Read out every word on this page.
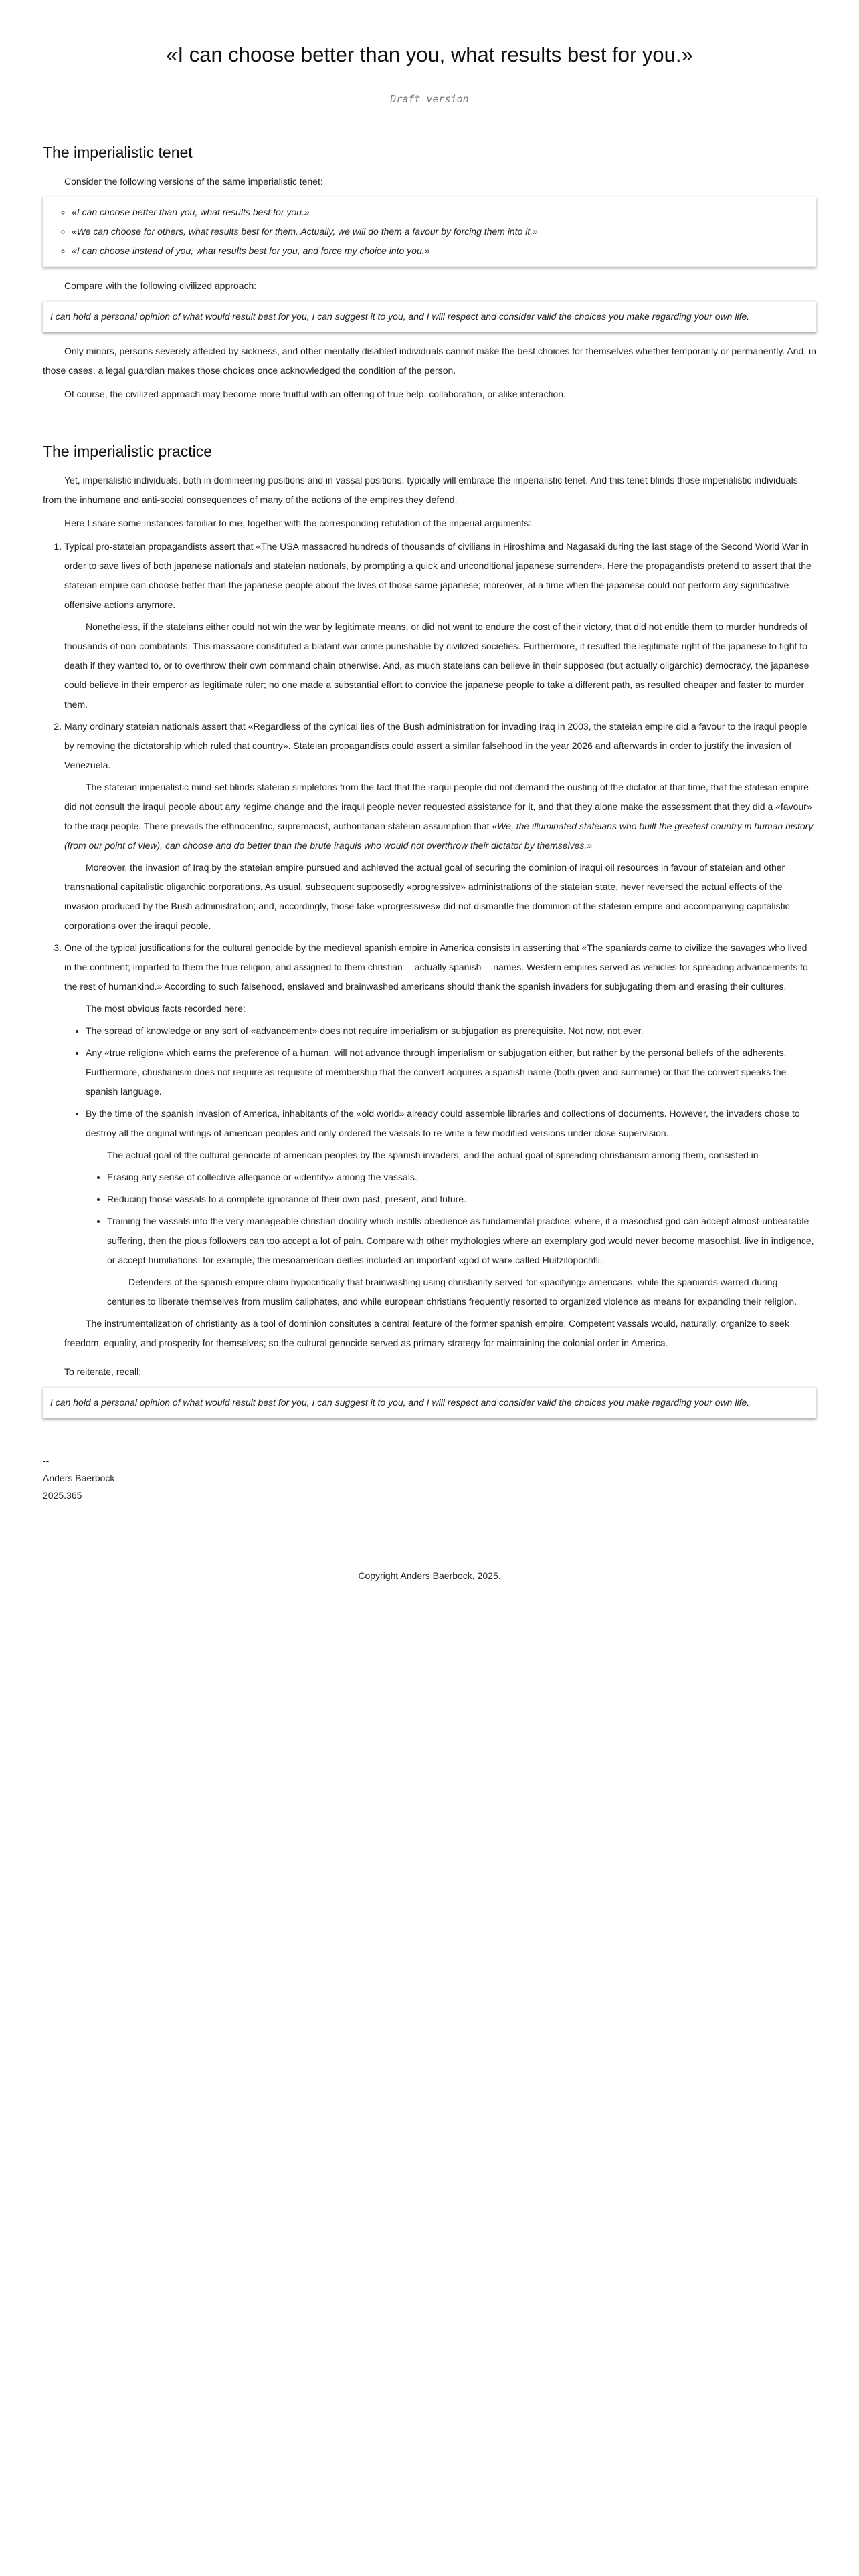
«I can choose better than you, what results best for you.»
Draft version
The imperialistic tenet

Consider the following versions of the same imperialistic tenet:

◦ «I can choose better than you, what results best for you.»
◦ «We can choose for others, what results best for them. Actually, we will do them a favour by forcing them into it.»
◦ «I can choose instead of you, what results best for you, and force my choice into you.»

Compare with the following civilized approach:

I can hold a personal opinion of what would result best for you, I can suggest it to you, and I will respect and consider valid the choices you make regarding your own life.

Only minors, persons severely affected by sickness, and other mentally disabled individuals cannot make the best choices for themselves whether temporarily or permanently. And, in those cases, a legal guardian makes those choices once acknowledged the condition of the person.

Of course, the civilized approach may become more fruitful with an offering of true help, collaboration, or alike interaction.

The imperialistic practice

Yet, imperialistic individuals, both in domineering positions and in vassal positions, typically will embrace the imperialistic tenet. And this tenet blinds those imperialistic individuals from the inhumane and anti-social consequences of many of the actions of the empires they defend.

Here I share some instances familiar to me, together with the corresponding refutation of the imperial arguments:

1. Typical pro-stateian propagandists assert that «The USA massacred hundreds of thousands of civilians in Hiroshima and Nagasaki during the last stage of the Second World War in order to save lives of both japanese nationals and stateian nationals, by prompting a quick and unconditional japanese surrender». Here the propagandists pretend to assert that the stateian empire can choose better than the japanese people about the lives of those same japanese; moreover, at a time when the japanese could not perform any significative offensive actions anymore.

Nonetheless, if the stateians either could not win the war by legitimate means, or did not want to endure the cost of their victory, that did not entitle them to murder hundreds of thousands of non-combatants. This massacre constituted a blatant war crime punishable by civilized societies. Furthermore, it resulted the legitimate right of the japanese to fight to death if they wanted to, or to overthrow their own command chain otherwise. And, as much stateians can believe in their supposed (but actually oligarchic) democracy, the japanese could believe in their emperor as legitimate ruler; no one made a substantial effort to convice the japanese people to take a different path, as resulted cheaper and faster to murder them.

2. Many ordinary stateian nationals assert that «Regardless of the cynical lies of the Bush administration for invading Iraq in 2003, the stateian empire did a favour to the iraqui people by removing the dictatorship which ruled that country». Stateian propagandists could assert a similar falsehood in the year 2026 and afterwards in order to justify the invasion of Venezuela.

The stateian imperialistic mind-set blinds stateian simpletons from the fact that the iraqui people did not demand the ousting of the dictator at that time, that the stateian empire did not consult the iraqui people about any regime change and the iraqui people never requested assistance for it, and that they alone make the assessment that they did a «favour» to the iraqi people. There prevails the ethnocentric, supremacist, authoritarian stateian assumption that «We, the illuminated stateians who built the greatest country in human history (from our point of view), can choose and do better than the brute iraquis who would not overthrow their dictator by themselves.»

Moreover, the invasion of Iraq by the stateian empire pursued and achieved the actual goal of securing the dominion of iraqui oil resources in favour of stateian and other transnational capitalistic oligarchic corporations. As usual, subsequent supposedly «progressive» administrations of the stateian state, never reversed the actual effects of the invasion produced by the Bush administration; and, accordingly, those fake «progressives» did not dismantle the dominion of the stateian empire and accompanying capitalistic corporations over the iraqui people.

3. One of the typical justifications for the cultural genocide by the medieval spanish empire in America consists in asserting that «The spaniards came to civilize the savages who lived in the continent; imparted to them the true religion, and assigned to them christian —actually spanish— names. Western empires served as vehicles for spreading advancements to the rest of humankind.» According to such falsehood, enslaved and brainwashed americans should thank the spanish invaders for subjugating them and erasing their cultures.

The most obvious facts recorded here:

• The spread of knowledge or any sort of «advancement» does not require imperialism or subjugation as prerequisite. Not now, not ever.
• Any «true religion» which earns the preference of a human, will not advance through imperialism or subjugation either, but rather by the personal beliefs of the adherents. Furthermore, christianism does not require as requisite of membership that the convert acquires a spanish name (both given and surname) or that the convert speaks the spanish language.
• By the time of the spanish invasion of America, inhabitants of the «old world» already could assemble libraries and collections of documents. However, the invaders chose to destroy all the original writings of american peoples and only ordered the vassals to re-write a few modified versions under close supervision.

The actual goal of the cultural genocide of american peoples by the spanish invaders, and the actual goal of spreading christianism among them, consisted in—

• Erasing any sense of collective allegiance or «identity» among the vassals.
• Reducing those vassals to a complete ignorance of their own past, present, and future.
• Training the vassals into the very-manageable christian docility which instills obedience as fundamental practice; where, if a masochist god can accept almost-unbearable suffering, then the pious followers can too accept a lot of pain. Compare with other mythologies where an exemplary god would never become masochist, live in indigence, or accept humiliations; for example, the mesoamerican deities included an important «god of war» called Huitzilopochtli.

Defenders of the spanish empire claim hypocritically that brainwashing using christianity served for «pacifying» americans, while the spaniards warred during centuries to liberate themselves from muslim caliphates, and while european christians frequently resorted to organized violence as means for expanding their religion.

The instrumentalization of christianty as a tool of dominion consitutes a central feature of the former spanish empire. Competent vassals would, naturally, organize to seek freedom, equality, and prosperity for themselves; so the cultural genocide served as primary strategy for maintaining the colonial order in America.

To reiterate, recall:

I can hold a personal opinion of what would result best for you, I can suggest it to you, and I will respect and consider valid the choices you make regarding your own life.
--
Anders Baerbock
2025.365
Copyright Anders Baerbock, 2025.
